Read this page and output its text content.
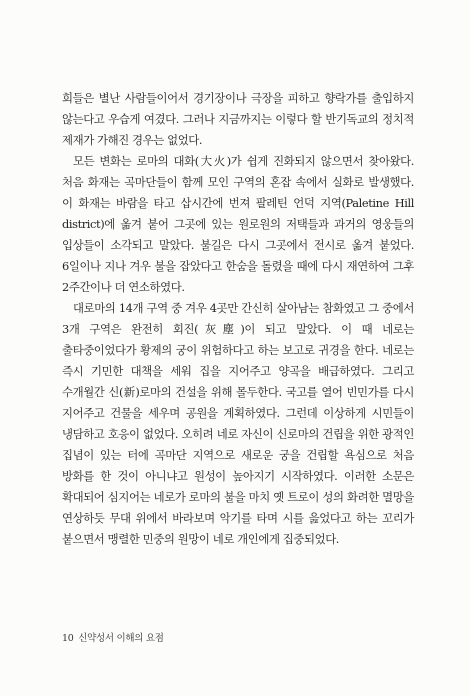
희들은 별난 사람들이어서 경기장이나 극장을 피하고 향락가를 출입하지 않는다고 우습게 여겼다. 그러나 지금까지는 이렇다 할 반기독교의 정치적 제재가 가해진 경우는 없었다.

모든 변화는 로마의 대화(大火)가 쉽게 진화되지 않으면서 찾아왔다. 처음 화재는 곡마단들이 함께 모인 구역의 혼잡 속에서 실화로 발생했다. 이 화재는 바람을 타고 삽시간에 번져 팔레틴 언덕 지역(Paletine Hill district)에 옮겨 붙어 그곳에 있는 원로원의 저택들과 과거의 영웅들의 입상들이 소각되고 말았다. 불길은 다시 그곳에서 전시로 옮겨 붙었다. 6일이나 지나 겨우 불을 잡았다고 한숨을 돌렸을 때에 다시 재연하여 그후 2주간이나 더 연소하였다.

대로마의 14개 구역 중 겨우 4곳만 간신히 살아남는 참화였고 그 중에서 3개 구역은 완전히 회진(灰塵)이 되고 말았다. 이 때 네로는 출타중이었다가 황제의 궁이 위험하다고 하는 보고로 귀경을 한다. 네로는 즉시 기민한 대책을 세워 집을 지어주고 양곡을 배급하였다. 그리고 수개월간 신(新)로마의 건설을 위해 몰두한다. 국고를 열어 빈민가를 다시 지어주고 건물을 세우며 공원을 계획하였다. 그런데 이상하게 시민들이 냉담하고 호응이 없었다. 오히려 네로 자신이 신로마의 건립을 위한 광적인 집념이 있는 터에 곡마단 지역으로 새로운 궁을 건립할 욕심으로 처음 방화를 한 것이 아니냐고 원성이 높아지기 시작하였다. 이러한 소문은 확대되어 심지어는 네로가 로마의 불을 마치 옛 트로이 성의 화려한 멸망을 연상하듯 무대 위에서 바라보며 악기를 타며 시를 읊었다고 하는 꼬리가 붙으면서 맹렬한 민중의 원망이 네로 개인에게 집중되었다.

10 신약성서 이해의 요점
